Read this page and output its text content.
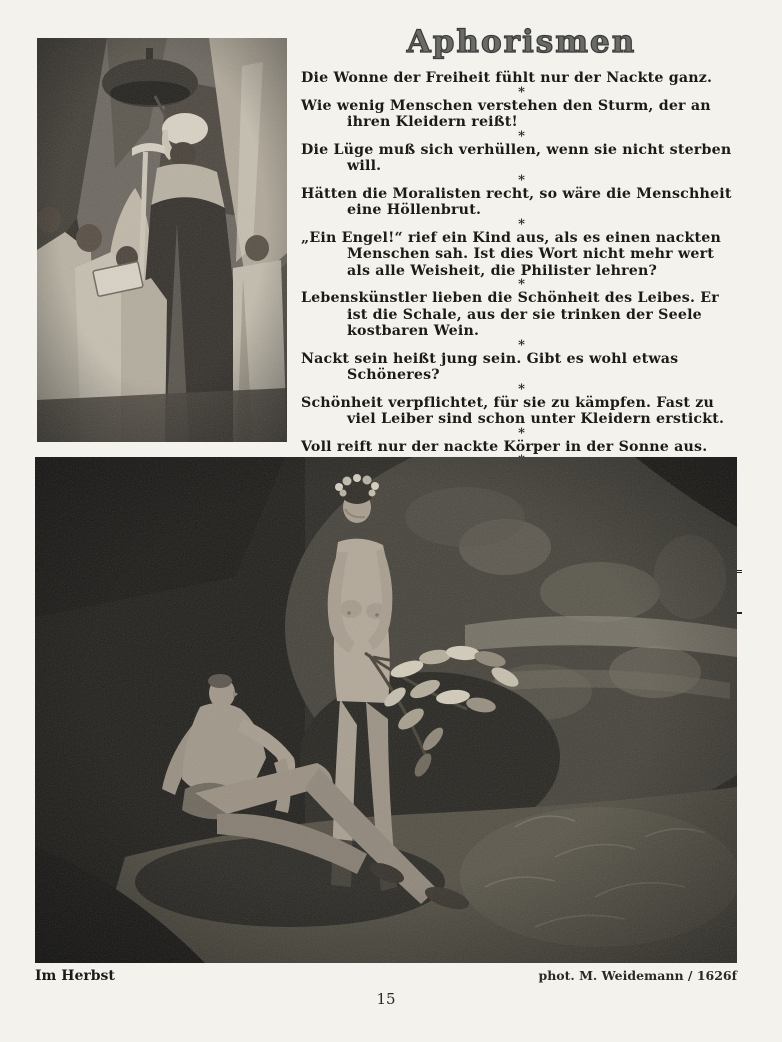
Aphorismen

Die Wonne der Freiheit fühlt nur der Nackte ganz.

*

Wie wenig Menschen verstehen den Sturm, der an ihren Kleidern reißt!

*

Die Lüge muß sich verhüllen, wenn sie nicht sterben will.

*

Hätten die Moralisten recht, so wäre die Menschheit eine Höllenbrut.

*

„Ein Engel!“ rief ein Kind aus, als es einen nackten Menschen sah. Ist dies Wort nicht mehr wert als alle Weisheit, die Philister lehren?

*

Lebenskünstler lieben die Schönheit des Leibes. Er ist die Schale, aus der sie trinken der Seele kostbaren Wein.

*

Nackt sein heißt jung sein. Gibt es wohl etwas Schöneres?

*

Schönheit verpflichtet, für sie zu kämpfen. Fast zu viel Leiber sind schon unter Kleidern erstickt.

*

Voll reift nur der nackte Körper in der Sonne aus.

Im Herbst	phot. M. Weidemann / 1626f
15
